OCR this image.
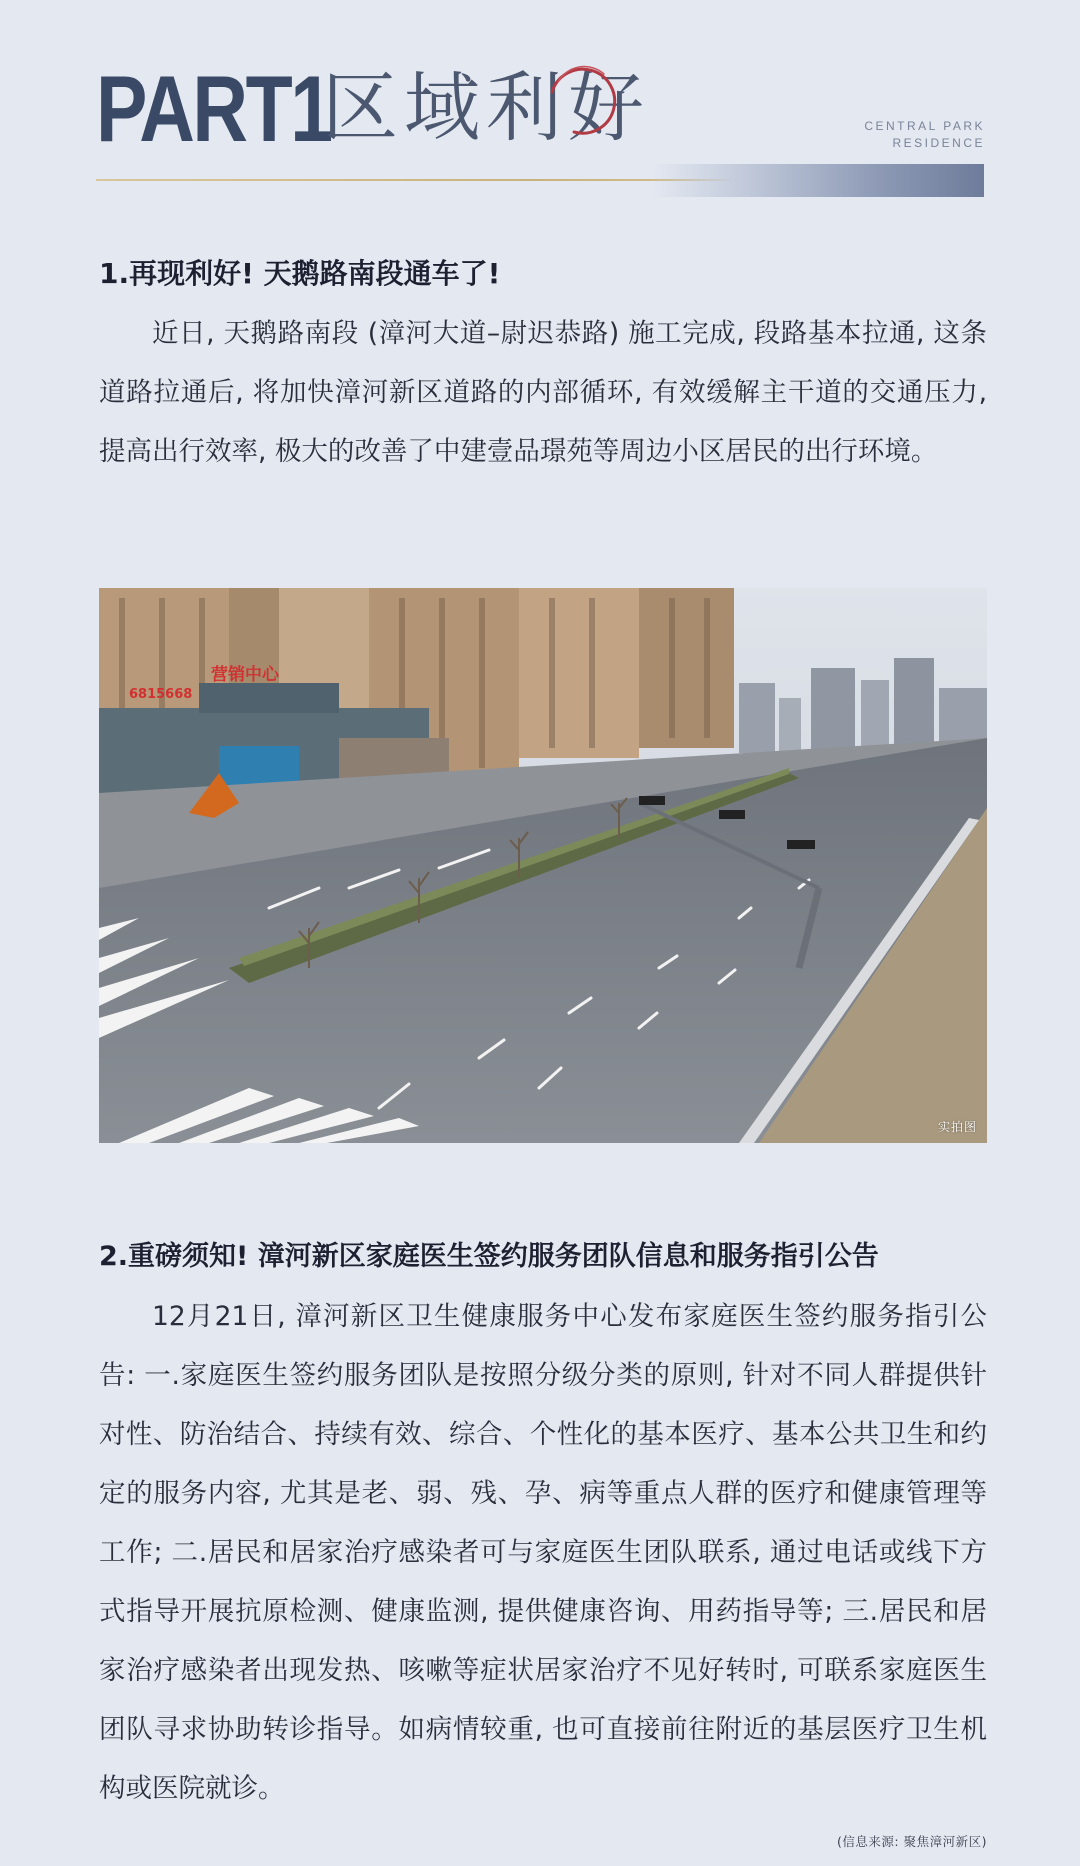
PART1
区域利好	CENTRAL PARK
RESIDENCE
1.再现利好! 天鹅路南段通车了!

近日, 天鹅路南段 (漳河大道–尉迟恭路) 施工完成, 段路基本拉通, 这条道路拉通后, 将加快漳河新区道路的内部循环, 有效缓解主干道的交通压力, 提高出行效率, 极大的改善了中建壹品璟苑等周边小区居民的出行环境。

营销中心
6815668
实拍图
2.重磅须知! 漳河新区家庭医生签约服务团队信息和服务指引公告

12月21日, 漳河新区卫生健康服务中心发布家庭医生签约服务指引公告: 一.家庭医生签约服务团队是按照分级分类的原则, 针对不同人群提供针对性、防治结合、持续有效、综合、个性化的基本医疗、基本公共卫生和约定的服务内容, 尤其是老、弱、残、孕、病等重点人群的医疗和健康管理等工作; 二.居民和居家治疗感染者可与家庭医生团队联系, 通过电话或线下方式指导开展抗原检测、健康监测, 提供健康咨询、用药指导等; 三.居民和居家治疗感染者出现发热、咳嗽等症状居家治疗不见好转时, 可联系家庭医生团队寻求协助转诊指导。如病情较重, 也可直接前往附近的基层医疗卫生机构或医院就诊。

(信息来源: 聚焦漳河新区)
